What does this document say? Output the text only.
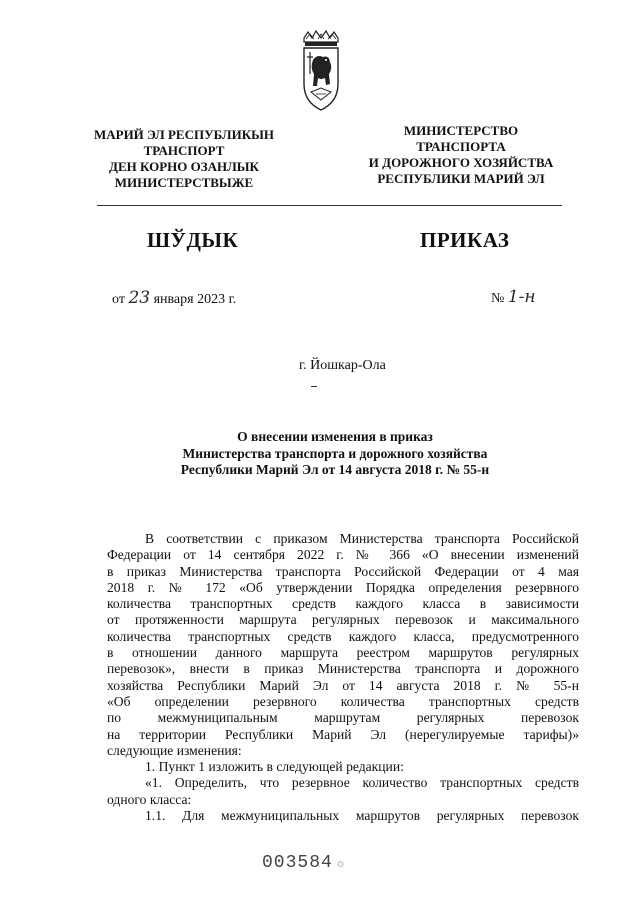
МАРИЙ ЭЛ РЕСПУБЛИКЫН
ТРАНСПОРТ
ДЕН КОРНО ОЗАНЛЫК
МИНИСТЕРСТВЫЖЕ
МИНИСТЕРСТВО
ТРАНСПОРТА
И ДОРОЖНОГО ХОЗЯЙСТВА
РЕСПУБЛИКИ МАРИЙ ЭЛ
ШЎДЫК	ПРИКАЗ
от 23 января 2023 г.	№ 1-н
г. Йошкар-Ола
О внесении изменения в приказ
Министерства транспорта и дорожного хозяйства
Республики Марий Эл от 14 августа 2018 г. № 55-н
В соответствии с приказом Министерства транспорта Российской
Федерации от 14 сентября 2022 г. № 366 «О внесении изменений
в приказ Министерства транспорта Российской Федерации от 4 мая
2018 г. № 172 «Об утверждении Порядка определения резервного
количества транспортных средств каждого класса в зависимости
от протяженности маршрута регулярных перевозок и максимального
количества транспортных средств каждого класса, предусмотренного
в отношении данного маршрута реестром маршрутов регулярных
перевозок», внести в приказ Министерства транспорта и дорожного
хозяйства Республики Марий Эл от 14 августа 2018 г. № 55-н
«Об определении резервного количества транспортных средств
по межмуниципальным маршрутам регулярных перевозок
на территории Республики Марий Эл (нерегулируемые тарифы)»
следующие изменения:
1. Пункт 1 изложить в следующей редакции:
«1. Определить, что резервное количество транспортных средств
одного класса:
1.1. Для межмуниципальных маршрутов регулярных перевозок
003584 ☼
